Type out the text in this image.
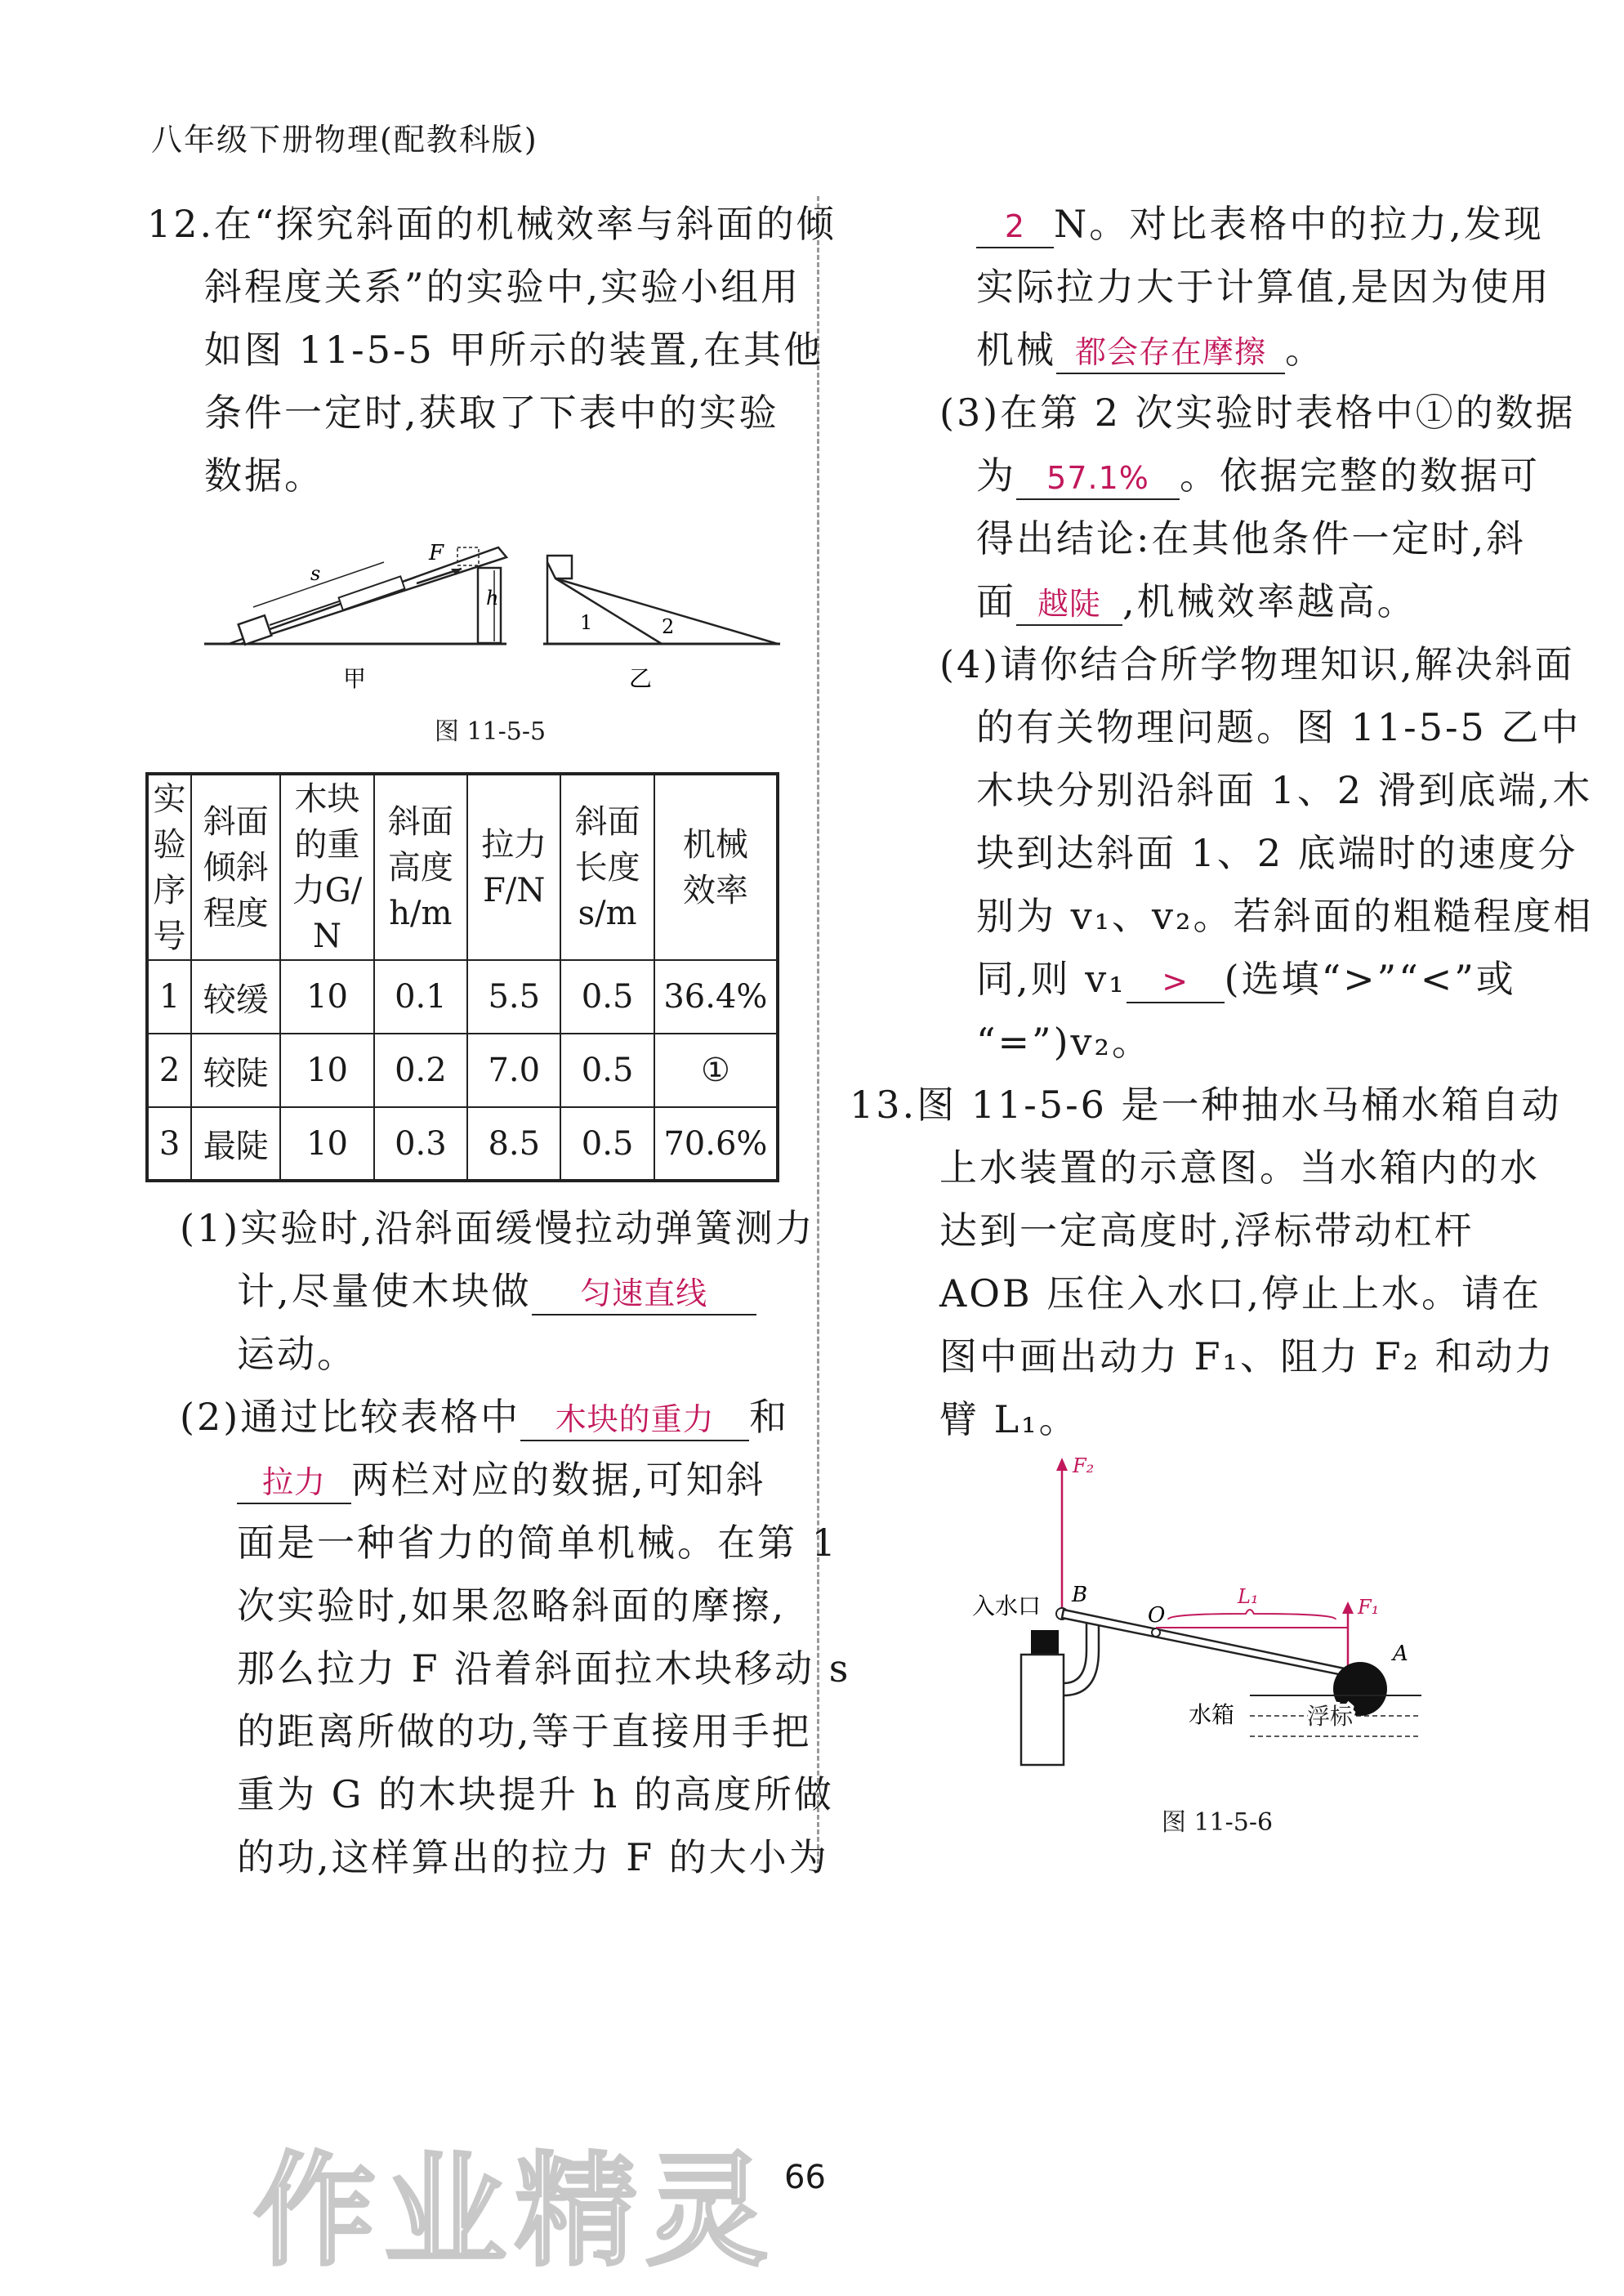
八年级下册物理(配教科版)
12.在“探究斜面的机械效率与斜面的倾
斜程度关系”的实验中,实验小组用
如图 11-5-5 甲所示的装置,在其他
条件一定时,获取了下表中的实验
数据。
s
F
h
甲
1	2
乙
图 11-5-5
实验序号	斜面倾斜程度	木块的重力G/N	斜面高度h/m	拉力F/N	斜面长度s/m	机械效率
1	较缓	10	0.1	5.5	0.5	36.4%
2	较陡	10	0.2	7.0	0.5	①
3	最陡	10	0.3	8.5	0.5	70.6%
(1)实验时,沿斜面缓慢拉动弹簧测力
计,尽量使木块做 匀速直线
运动。
(2)通过比较表格中 木块的重力 和
拉力 两栏对应的数据,可知斜
面是一种省力的简单机械。在第 1
次实验时,如果忽略斜面的摩擦,
那么拉力 F 沿着斜面拉木块移动 s
的距离所做的功,等于直接用手把
重为 G 的木块提升 h 的高度所做
的功,这样算出的拉力 F 的大小为
2 N。对比表格中的拉力,发现
实际拉力大于计算值,是因为使用
机械 都会存在摩擦 。
(3)在第 2 次实验时表格中①的数据
为 57.1% 。依据完整的数据可
得出结论:在其他条件一定时,斜
面 越陡 ,机械效率越高。
(4)请你结合所学物理知识,解决斜面
的有关物理问题。图 11-5-5 乙中
木块分别沿斜面 1、2 滑到底端,木
块到达斜面 1、2 底端时的速度分
别为 v₁、v₂。若斜面的粗糙程度相
同,则 v₁ > (选填“>”“<”或
“=”)v₂。
13.图 11-5-6 是一种抽水马桶水箱自动
上水装置的示意图。当水箱内的水
达到一定高度时,浮标带动杠杆
AOB 压住入水口,停止上水。请在
图中画出动力 F₁、阻力 F₂ 和动力
臂 L₁。
F₂
B
O
L₁	F₁
A
水箱	浮标
入水口
图 11-5-6
66
作业精灵
